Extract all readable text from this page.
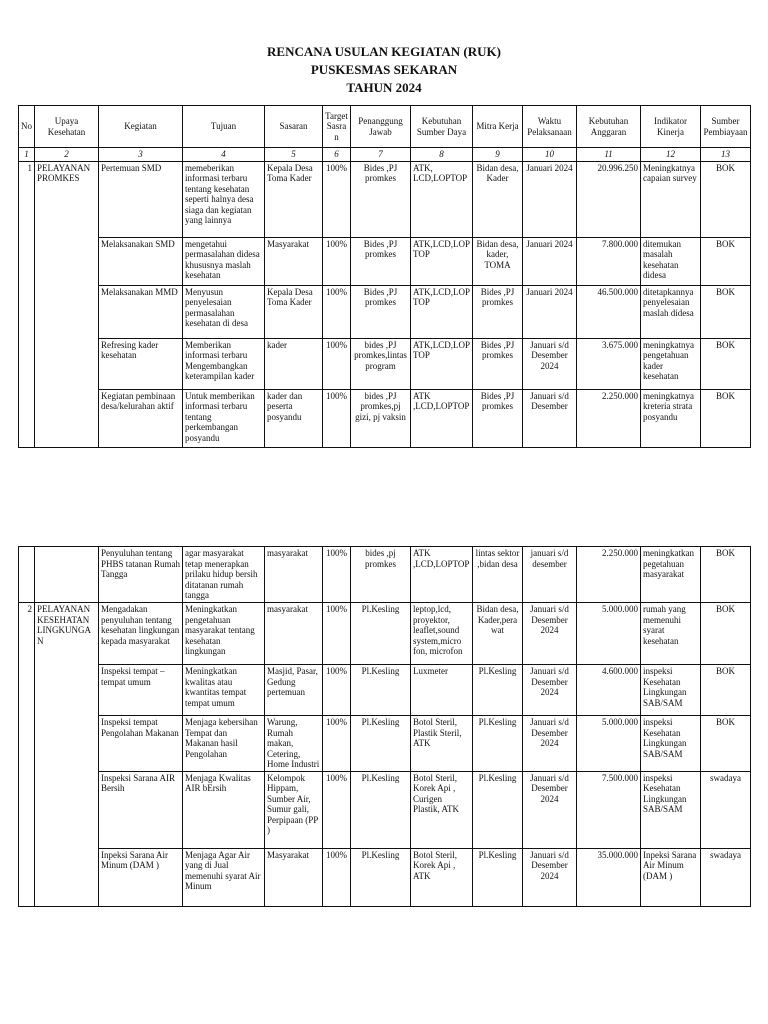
RENCANA USULAN KEGIATAN (RUK)
PUSKESMAS SEKARAN
TAHUN 2024
No	Upaya Kesehatan	Kegiatan	Tujuan	Sasaran	Target Sasran	Penanggung Jawab	Kebutuhan Sumber Daya	Mitra Kerja	Waktu Pelaksanaan	Kebutuhan Anggaran	Indikator Kinerja	Sumber Pembiayaan
1	2	3	4	5	6	7	8	9	10	11	12	13
1	PELAYANAN PROMKES	Pertemuan SMD	memeberikan informasi terbaru tentang kesehatan seperti halnya desa siaga dan kegiatan yang lainnya	Kepala Desa Toma Kader	100%	Bides ,PJ promkes	ATK, LCD,LOPTOP	Bidan desa, Kader	Januari 2024	20.996.250	Meningkatnya capaian survey	BOK
		Melaksanakan SMD	mengetahui permasalahan didesa khususnya maslah kesehatan	Masyarakat	100%	Bides ,PJ promkes	ATK,LCD,LOP TOP	Bidan desa, kader, TOMA	Januari 2024	7.800.000	ditemukan masalah kesehatan didesa	BOK
		Melaksanakan MMD	Menyusun penyelesaian permasalahan kesehatan di desa	Kepala Desa Toma Kader	100%	Bides ,PJ promkes	ATK,LCD,LOP TOP	Bides ,PJ promkes	Januari 2024	46.500.000	ditetapkannya penyelesaian maslah didesa	BOK
		Refresing kader kesehatan	Memberikan informasi terbaru Mengembangkan keterampilan kader	kader	100%	bides ,PJ promkes,lintas program	ATK,LCD,LOP TOP	Bides ,PJ promkes	Januari s/d Desember 2024	3.675.000	meningkatnya pengetahuan kader kesehatan	BOK
		Kegiatan pembinaan desa/kelurahan aktif	Untuk memberikan informasi terbaru tentang perkembangan posyandu	kader dan peserta posyandu	100%	bides ,PJ promkes,pj gizi, pj vaksin	ATK ,LCD,LOPTOP	Bides ,PJ promkes	Januari s/d Desember	2.250.000	meningkatnya kreteria strata posyandu	BOK
		Penyuluhan tentang PHBS tatanan Rumah Tangga	agar masyarakat tetap menerapkan prilaku hidup bersih ditatanan rumah tangga	masyarakat	100%	bides ,pj promkes	ATK ,LCD,LOPTOP	lintas sektor ,bidan desa	januari s/d desember	2.250.000	meningkatkan pegetahuan masyarakat	BOK
2	PELAYANAN KESEHATAN LINGKUNGAN	Mengadakan penyuluhan tentang kesehatan lingkungan kepada masyarakat	Meningkatkan pengetahuan masyarakat tentang kesehatan lingkungan	masyarakat	100%	Pl.Kesling	leptop,lcd, proyektor, leaflet,sound system,micro fon, microfon	Bidan desa, Kader,pera wat	Januari s/d Desember 2024	5.000.000	rumah yang memenuhi syarat kesehatan	BOK
		Inspeksi tempat – tempat umum	Meningkatkan kwalitas atau kwantitas tempat tempat umum	Masjid, Pasar, Gedung pertemuan	100%	Pl.Kesling	Luxmeter	Pl.Kesling	Januari s/d Desember 2024	4.600.000	inspeksi Kesehatan Lingkungan SAB/SAM	BOK
		Inspeksi tempat Pengolahan Makanan	Menjaga kebersihan Tempat dan Makanan hasil Pengolahan	Warung, Rumah makan, Cetering, Home Industri	100%	Pl.Kesling	Botol Steril, Plastik Steril, ATK	Pl.Kesling	Januari s/d Desember 2024	5.000.000	inspeksi Kesehatan Lingkungan SAB/SAM	BOK
		Inspeksi Sarana AIR Bersih	Menjaga Kwalitas AIR bErsih	Kelompok Hippam, Sumber Air, Sumur gali, Perpipaan (PP )	100%	Pl.Kesling	Botol Steril, Korek Api , Curigen Plastik, ATK	Pl.Kesling	Januari s/d Desember 2024	7.500.000	inspeksi Kesehatan Lingkungan SAB/SAM	swadaya
		Inpeksi Sarana Air Minum (DAM )	Menjaga Agar Air yang di Jual memenuhi syarat Air Minum	Masyarakat	100%	Pl.Kesling	Botol Steril, Korek Api , ATK	Pl.Kesling	Januari s/d Desember 2024	35.000.000	Inpeksi Sarana Air Minum (DAM )	swadaya
